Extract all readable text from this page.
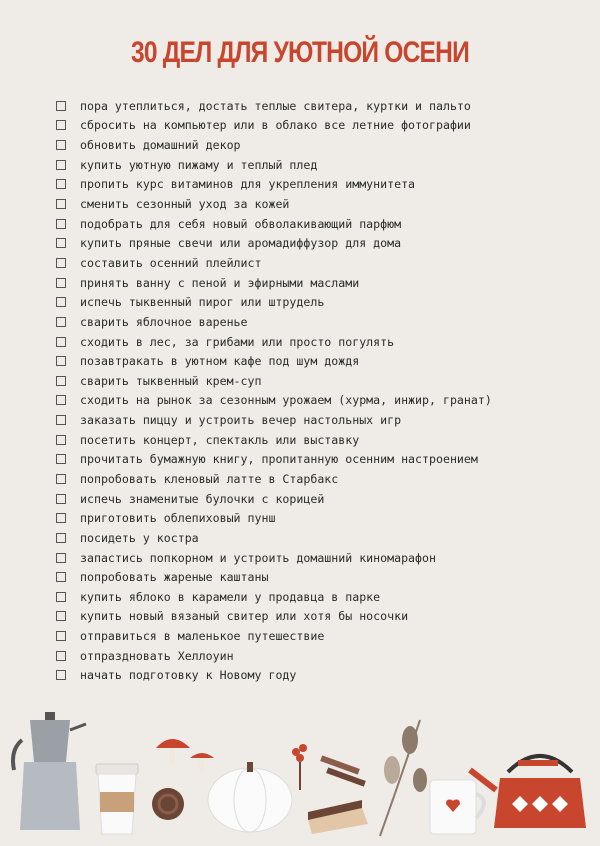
30 ДЕЛ ДЛЯ УЮТНОЙ ОСЕНИ
пора утеплиться, достать теплые свитера, куртки и пальто
сбросить на компьютер или в облако все летние фотографии
обновить домашний декор
купить уютную пижаму и теплый плед
пропить курс витаминов для укрепления иммунитета
сменить сезонный уход за кожей
подобрать для себя новый обволакивающий парфюм
купить пряные свечи или аромадиффузор для дома
составить осенний плейлист
принять ванну с пеной и эфирными маслами
испечь тыквенный пирог или штрудель
сварить яблочное варенье
сходить в лес, за грибами или просто погулять
позавтракать в уютном кафе под шум дождя
сварить тыквенный крем-суп
сходить на рынок за сезонным урожаем (хурма, инжир, гранат)
заказать пиццу и устроить вечер настольных игр
посетить концерт, спектакль или выставку
прочитать бумажную книгу, пропитанную осенним настроением
попробовать кленовый латте в Старбакс
испечь знаменитые булочки с корицей
приготовить облепиховый пунш
посидеть у костра
запастись попкорном и устроить домашний киномарафон
попробовать жареные каштаны
купить яблоко в карамели у продавца в парке
купить новый вязаный свитер или хотя бы носочки
отправиться в маленькое путешествие
отпраздновать Хеллоуин
начать подготовку к Новому году
